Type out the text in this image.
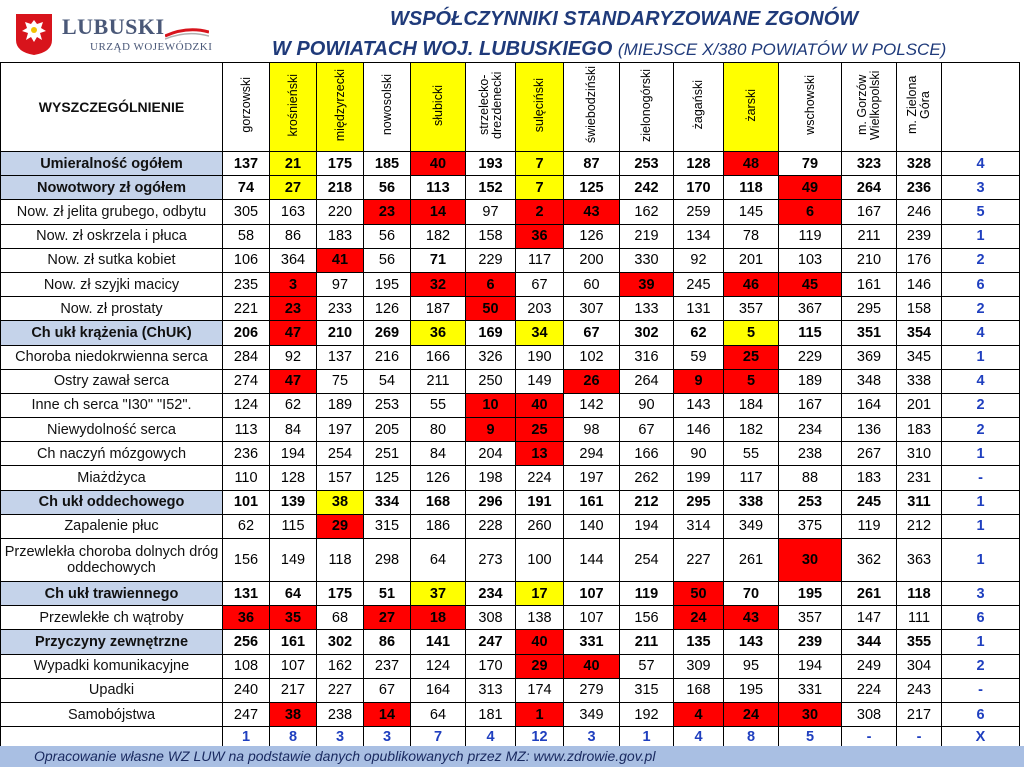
LUBUSKI
URZĄD WOJEWÓDZKI
WSPÓŁCZYNNIKI STANDARYZOWANE ZGONÓW
W POWIATACH WOJ. LUBUSKIEGO (MIEJSCE X/380 POWIATÓW W POLSCE)
WYSZCZEGÓLNIENIE	gorzowski	krośnieński	międzyrzecki	nowosolski	słubicki	strzelecko-drezdenecki	sulęciński	świebodziński	zielonogórski	żagański	żarski	wschowski	m. Gorzów Wielkopolski	m. Zielona Góra	
Umieralność ogółem	137	21	175	185	40	193	7	87	253	128	48	79	323	328	4
Nowotwory zł ogółem	74	27	218	56	113	152	7	125	242	170	118	49	264	236	3
Now. zł jelita grubego, odbytu	305	163	220	23	14	97	2	43	162	259	145	6	167	246	5
Now. zł oskrzela i płuca	58	86	183	56	182	158	36	126	219	134	78	119	211	239	1
Now. zł sutka kobiet	106	364	41	56	71	229	117	200	330	92	201	103	210	176	2
Now. zł szyjki macicy	235	3	97	195	32	6	67	60	39	245	46	45	161	146	6
Now. zł prostaty	221	23	233	126	187	50	203	307	133	131	357	367	295	158	2
Ch ukł krążenia (ChUK)	206	47	210	269	36	169	34	67	302	62	5	115	351	354	4
Choroba niedokrwienna serca	284	92	137	216	166	326	190	102	316	59	25	229	369	345	1
Ostry zawał serca	274	47	75	54	211	250	149	26	264	9	5	189	348	338	4
Inne ch serca "I30" "I52".	124	62	189	253	55	10	40	142	90	143	184	167	164	201	2
Niewydolność serca	113	84	197	205	80	9	25	98	67	146	182	234	136	183	2
Ch naczyń mózgowych	236	194	254	251	84	204	13	294	166	90	55	238	267	310	1
Miażdżyca	110	128	157	125	126	198	224	197	262	199	117	88	183	231	-
Ch ukł oddechowego	101	139	38	334	168	296	191	161	212	295	338	253	245	311	1
Zapalenie płuc	62	115	29	315	186	228	260	140	194	314	349	375	119	212	1
Przewlekła choroba dolnych dróg oddechowych	156	149	118	298	64	273	100	144	254	227	261	30	362	363	1
Ch ukł trawiennego	131	64	175	51	37	234	17	107	119	50	70	195	261	118	3
Przewlekłe ch wątroby	36	35	68	27	18	308	138	107	156	24	43	357	147	111	6
Przyczyny zewnętrzne	256	161	302	86	141	247	40	331	211	135	143	239	344	355	1
Wypadki komunikacyjne	108	107	162	237	124	170	29	40	57	309	95	194	249	304	2
Upadki	240	217	227	67	164	313	174	279	315	168	195	331	224	243	-
Samobójstwa	247	38	238	14	64	181	1	349	192	4	24	30	308	217	6
	1	8	3	3	7	4	12	3	1	4	8	5	-	-	X
Opracowanie własne WZ LUW na podstawie danych opublikowanych przez MZ: www.zdrowie.gov.pl
